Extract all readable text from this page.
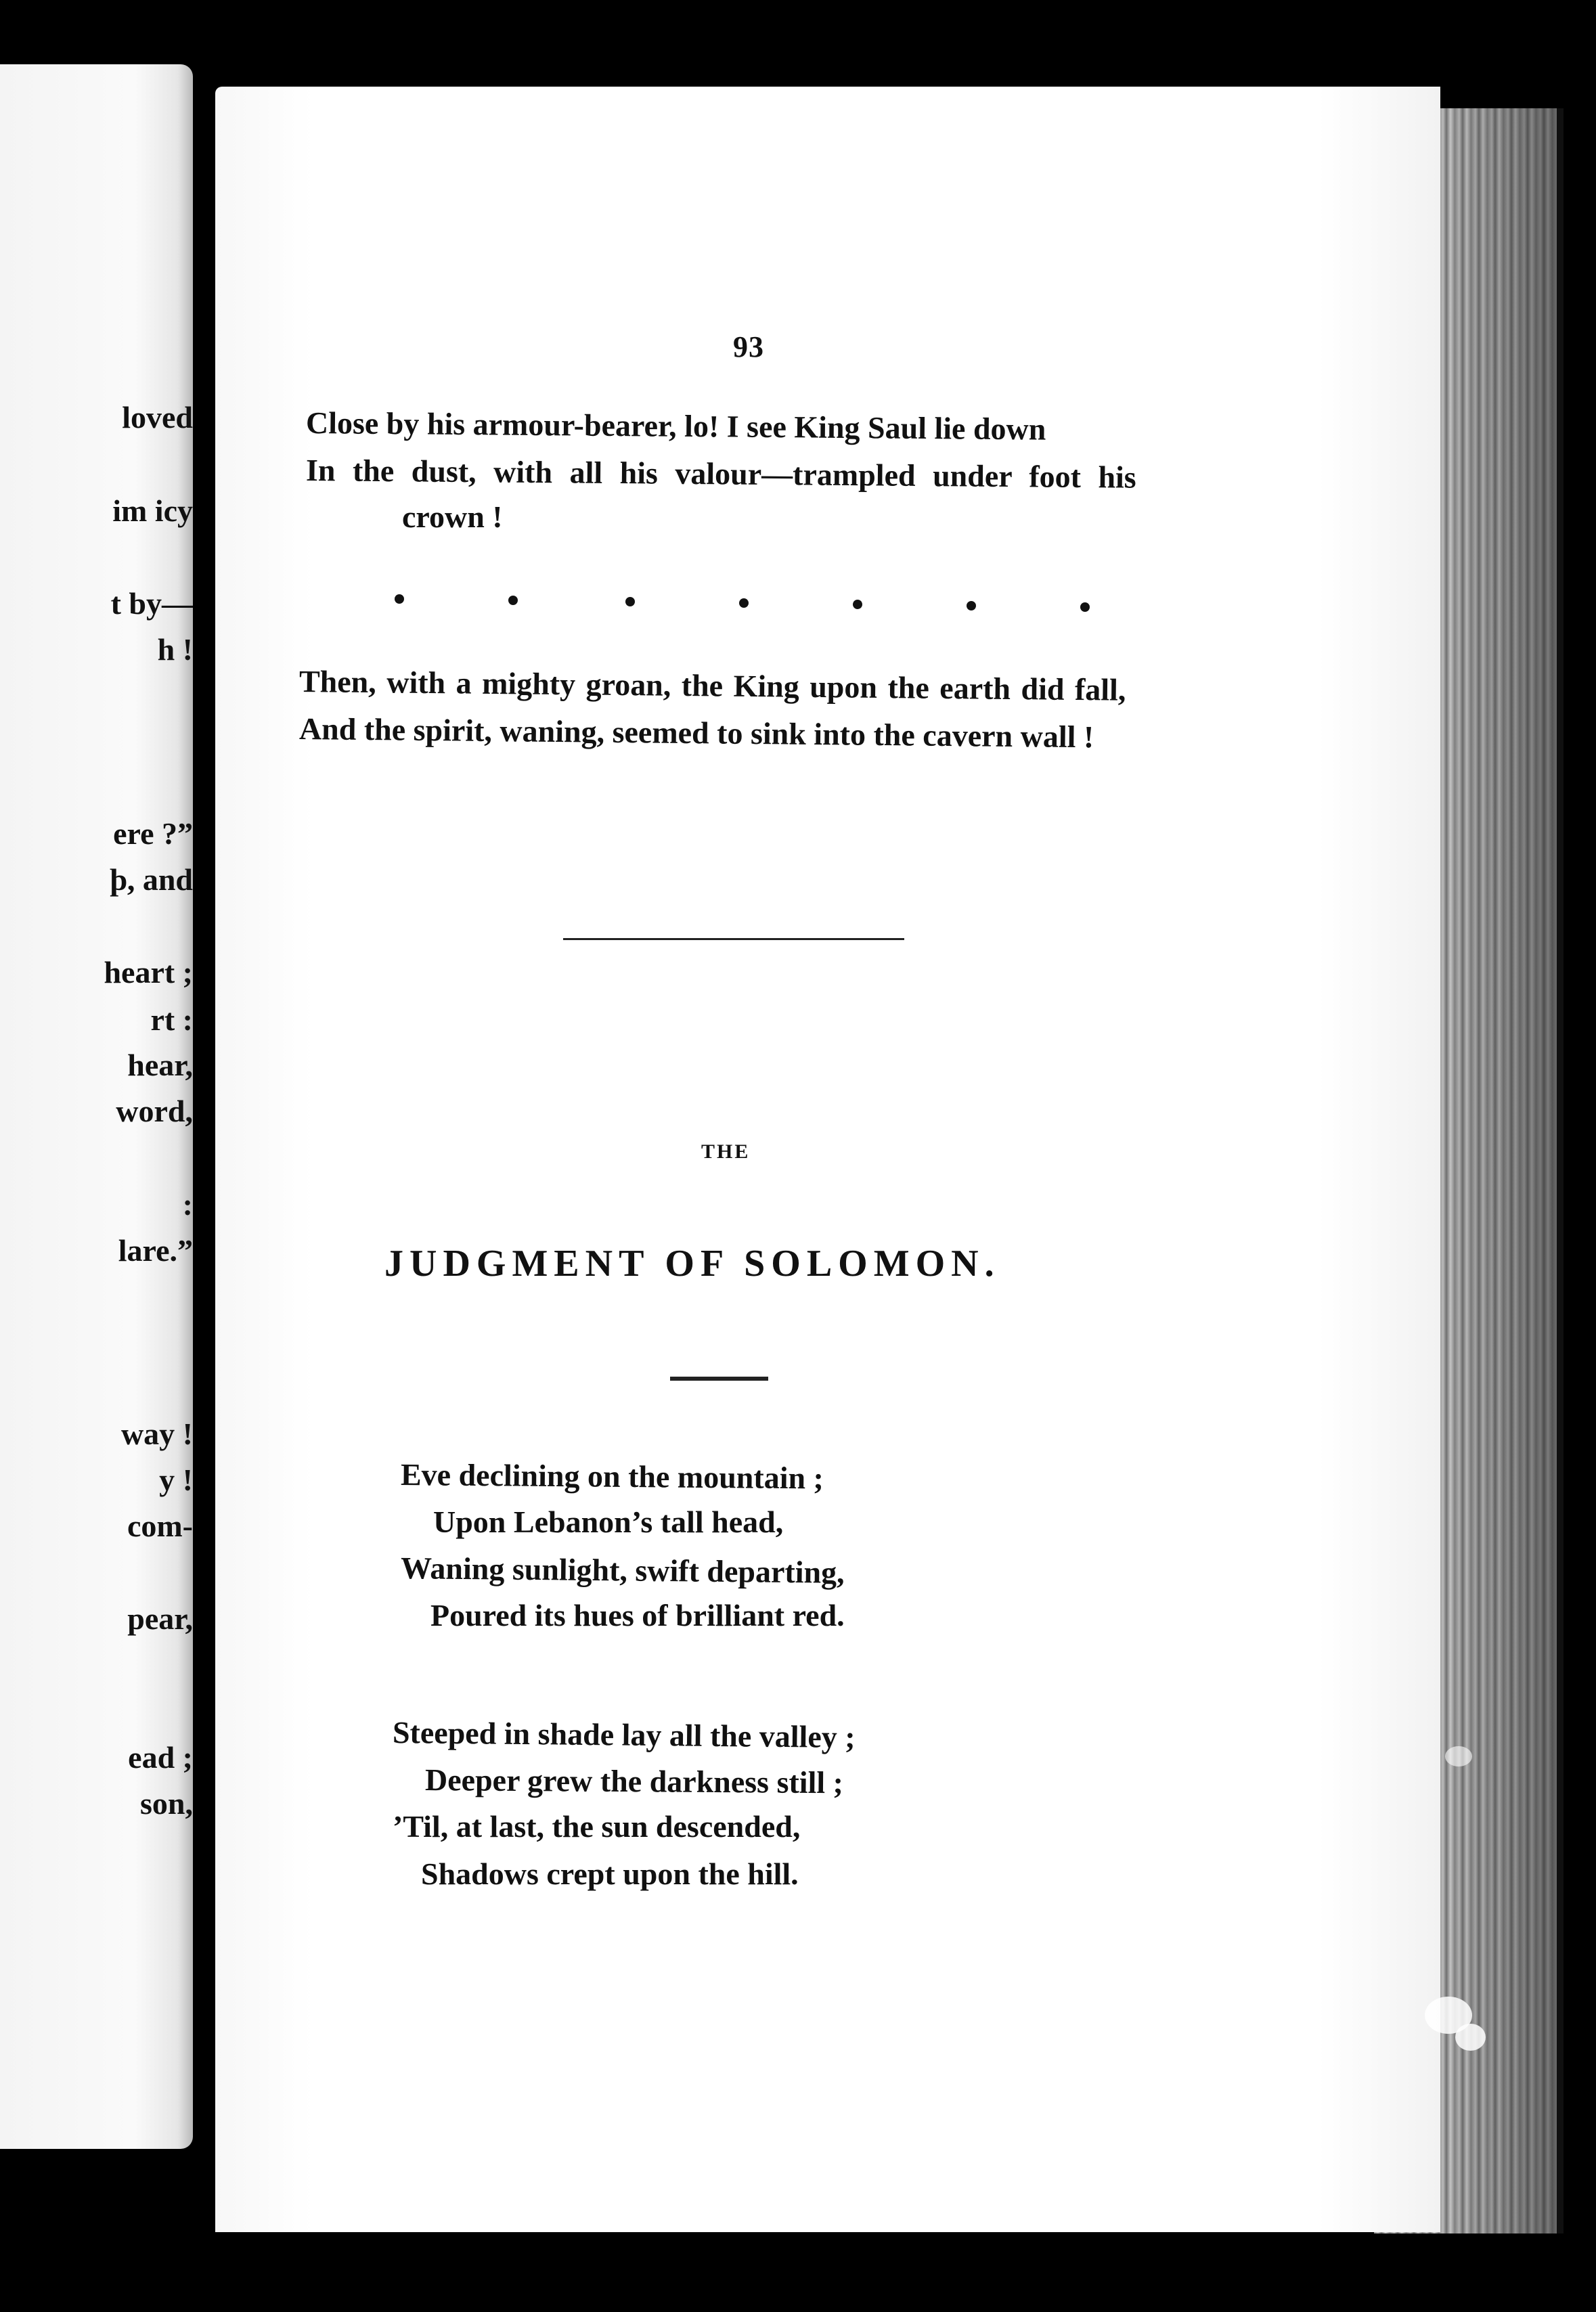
loved
im icy
t by—
h !
ere ?”
þ, and
heart ;
rt :
hear,
word,
:
lare.”
way !
y !
com-
pear,
ead ;
son,
93
Close by his armour-bearer, lo! I see King Saul lie down
In the dust, with all his valour—trampled under foot his
crown !
Then, with a mighty groan, the King upon the earth did fall,
And the spirit, waning, seemed to sink into the cavern wall !
THE
JUDGMENT OF SOLOMON.
Eve declining on the mountain ;
Upon Lebanon’s tall head,
Waning sunlight, swift departing,
Poured its hues of brilliant red.
Steeped in shade lay all the valley ;
Deeper grew the darkness still ;
’Til, at last, the sun descended,
Shadows crept upon the hill.
